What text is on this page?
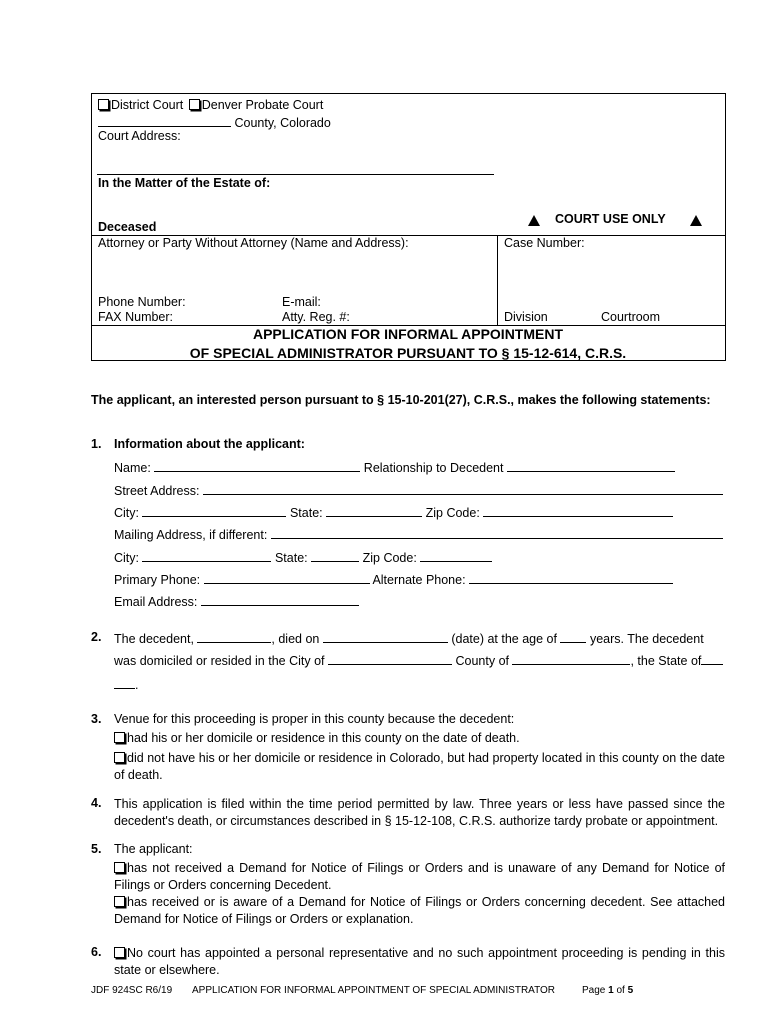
District Court Denver Probate Court
County, Colorado
Court Address:
In the Matter of the Estate of:
Deceased
Attorney or Party Without Attorney (Name and Address):
Phone Number:	E-mail:
FAX Number:	Atty. Reg. #:
COURT USE ONLY
Case Number:
Division	Courtroom
APPLICATION FOR INFORMAL APPOINTMENT
OF SPECIAL ADMINISTRATOR PURSUANT TO § 15-12-614, C.R.S.
The applicant, an interested person pursuant to § 15-10-201(27), C.R.S., makes the following statements:
1. Information about the applicant:
Name:	Relationship to Decedent
Street Address:
City:	State:	Zip Code:
Mailing Address, if different:
City:	State:	Zip Code:
Primary Phone:	Alternate Phone:
Email Address:
2. The decedent,	, died on	(date) at the age of	years. The decedent
was domiciled or resided in the City of	County of	, the State of
.
3. Venue for this proceeding is proper in this county because the decedent:
had his or her domicile or residence in this county on the date of death.
did not have his or her domicile or residence in Colorado, but had property located in this county on the date of death.
4. This application is filed within the time period permitted by law. Three years or less have passed since the decedent's death, or circumstances described in § 15-12-108, C.R.S. authorize tardy probate or appointment.
5. The applicant:
has not received a Demand for Notice of Filings or Orders and is unaware of any Demand for Notice of Filings or Orders concerning Decedent.
has received or is aware of a Demand for Notice of Filings or Orders concerning decedent. See attached Demand for Notice of Filings or Orders or explanation.
6.	No court has appointed a personal representative and no such appointment proceeding is pending in this state or elsewhere.
JDF 924SC R6/19 APPLICATION FOR INFORMAL APPOINTMENT OF SPECIAL ADMINISTRATOR	Page 1 of 5
